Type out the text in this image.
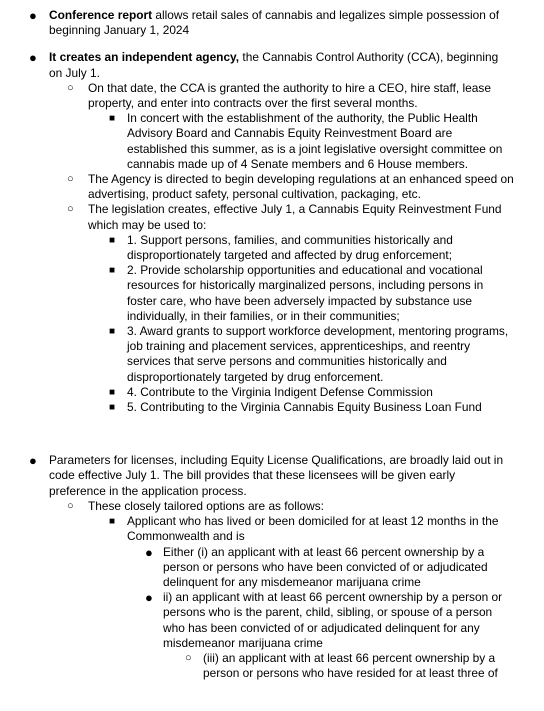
● Conference report allows retail sales of cannabis and legalizes simple possession of beginning January 1, 2024
● It creates an independent agency, the Cannabis Control Authority (CCA), beginning on July 1.
○ On that date, the CCA is granted the authority to hire a CEO, hire staff, lease property, and enter into contracts over the first several months.
■ In concert with the establishment of the authority, the Public Health Advisory Board and Cannabis Equity Reinvestment Board are established this summer, as is a joint legislative oversight committee on cannabis made up of 4 Senate members and 6 House members.
○ The Agency is directed to begin developing regulations at an enhanced speed on advertising, product safety, personal cultivation, packaging, etc.
○ The legislation creates, effective July 1, a Cannabis Equity Reinvestment Fund which may be used to:
■ 1. Support persons, families, and communities historically and disproportionately targeted and affected by drug enforcement;
■ 2. Provide scholarship opportunities and educational and vocational resources for historically marginalized persons, including persons in foster care, who have been adversely impacted by substance use individually, in their families, or in their communities;
■ 3. Award grants to support workforce development, mentoring programs, job training and placement services, apprenticeships, and reentry services that serve persons and communities historically and disproportionately targeted by drug enforcement.
■ 4. Contribute to the Virginia Indigent Defense Commission
■ 5. Contributing to the Virginia Cannabis Equity Business Loan Fund
● Parameters for licenses, including Equity License Qualifications, are broadly laid out in code effective July 1. The bill provides that these licensees will be given early preference in the application process.
○ These closely tailored options are as follows:
■ Applicant who has lived or been domiciled for at least 12 months in the Commonwealth and is
● Either (i) an applicant with at least 66 percent ownership by a person or persons who have been convicted of or adjudicated delinquent for any misdemeanor marijuana crime
● ii) an applicant with at least 66 percent ownership by a person or persons who is the parent, child, sibling, or spouse of a person who has been convicted of or adjudicated delinquent for any misdemeanor marijuana crime
○ (iii) an applicant with at least 66 percent ownership by a person or persons who have resided for at least three of
